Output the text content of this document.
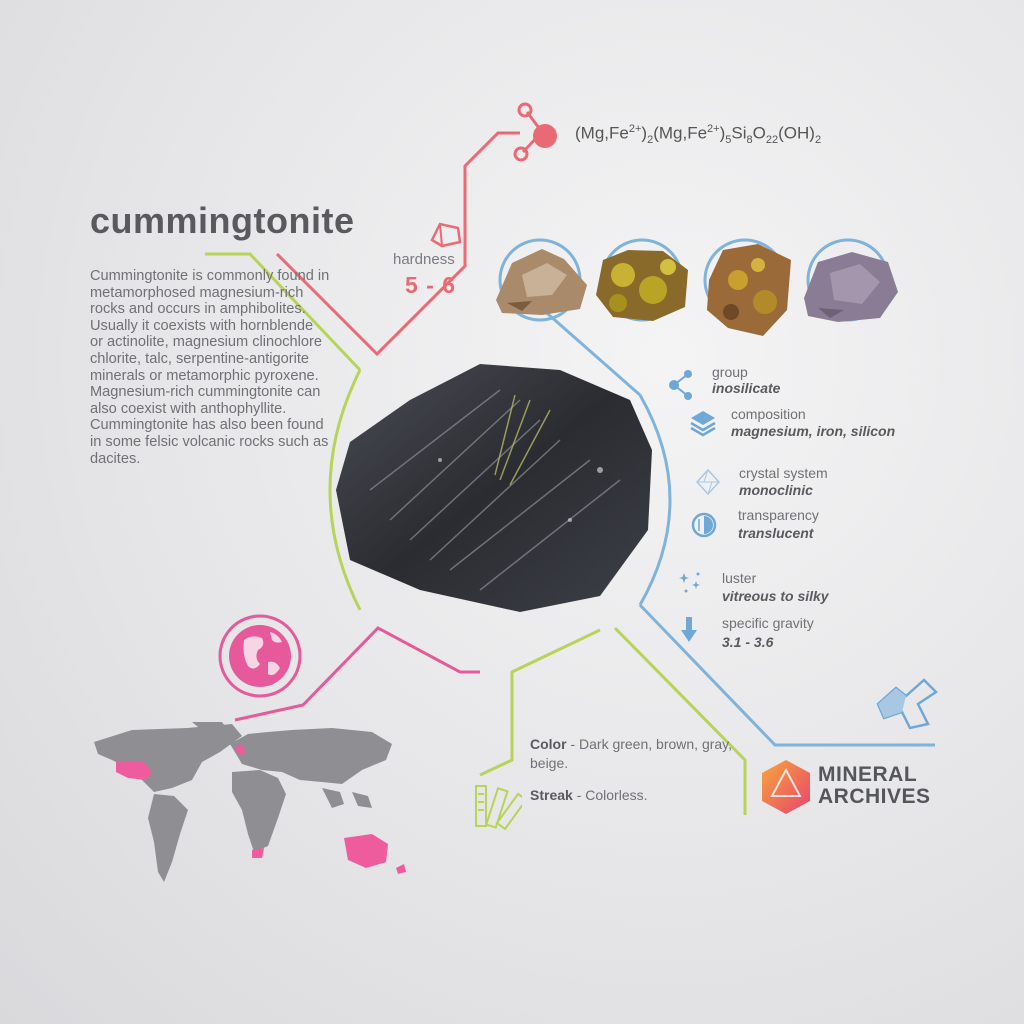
cummingtonite
Cummingtonite is commonly found in metamorphosed magnesium-rich rocks and occurs in amphibolites. Usually it coexists with hornblende or actinolite, magnesium clinochlore chlorite, talc, serpentine-antigorite minerals or metamorphic pyroxene. Magnesium-rich cummingtonite can also coexist with anthophyllite. Cummingtonite has also been found in some felsic volcanic rocks such as dacites.
$(Mg,Fe^{2+})_2(Mg,Fe^{2+})_5Si_8O_{22}(OH)_2$
hardness
5 - 6
group
inosilicate
composition
magnesium, iron, silicon
crystal system
monoclinic
transparency
translucent
luster
vitreous to silky
specific gravity
3.1 - 3.6
Color - Dark green, brown, gray, beige.
Streak - Colorless.
MINERAL
ARCHIVES
